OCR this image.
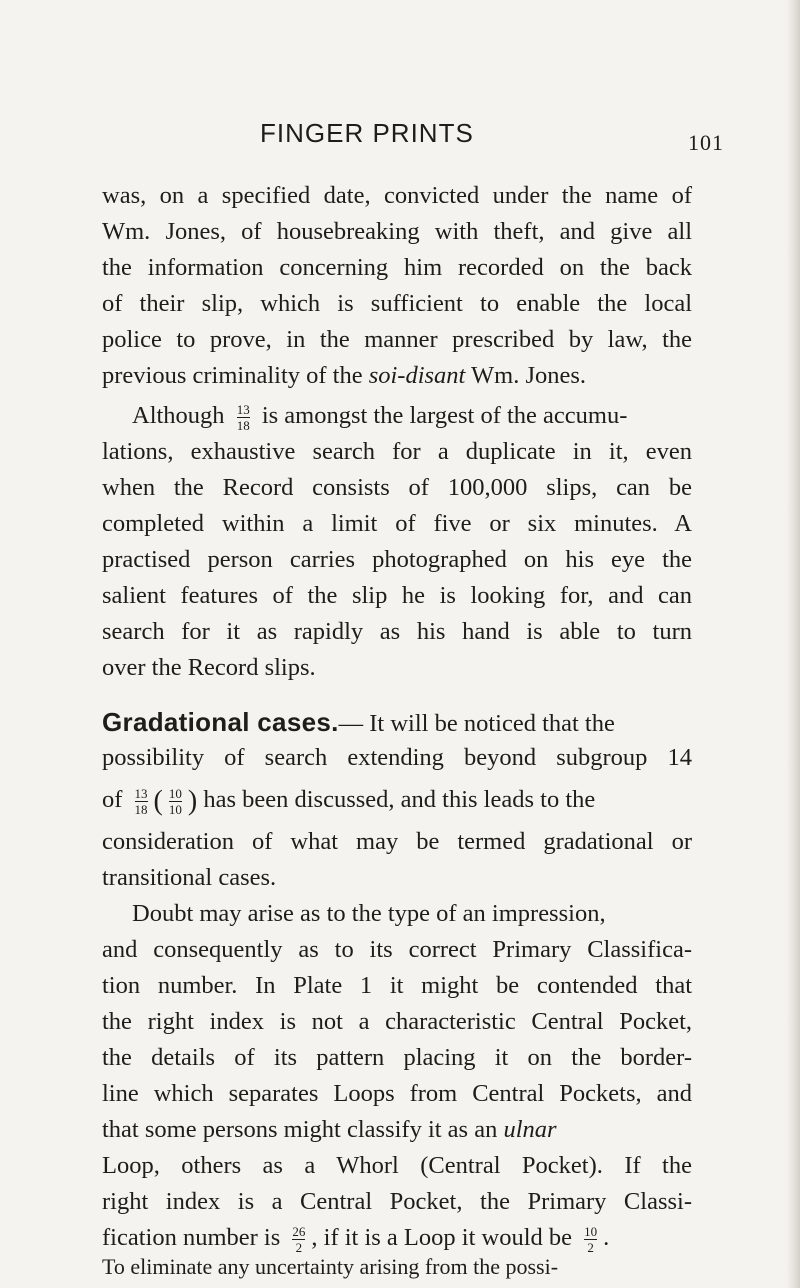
FINGER PRINTS	101
was, on a specified date, convicted under the name of
Wm. Jones, of housebreaking with theft, and give all
the information concerning him recorded on the back
of their slip, which is sufficient to enable the local
police to prove, in the manner prescribed by law, the
previous criminality of the soi-disant Wm. Jones.
Although $\frac{13}{18}$ is amongst the largest of the accumu-
lations, exhaustive search for a duplicate in it, even
when the Record consists of 100,000 slips, can be
completed within a limit of five or six minutes. A
practised person carries photographed on his eye the
salient features of the slip he is looking for, and can
search for it as rapidly as his hand is able to turn
over the Record slips.
Gradational cases.— It will be noticed that the
possibility of search extending beyond subgroup 14
of $\frac{13}{18}$ ( $\frac{10}{10}$ ) has been discussed, and this leads to the
consideration of what may be termed gradational or
transitional cases.
Doubt may arise as to the type of an impression,
and consequently as to its correct Primary Classifica-
tion number. In Plate 1 it might be contended that
the right index is not a characteristic Central Pocket,
the details of its pattern placing it on the border-
line which separates Loops from Central Pockets, and
that some persons might classify it as an ulnar
Loop, others as a Whorl (Central Pocket). If the
right index is a Central Pocket, the Primary Classi-
fication number is $\frac{26}{2}$ , if it is a Loop it would be $\frac{10}{2}$ .
To eliminate any uncertainty arising from the possi-
